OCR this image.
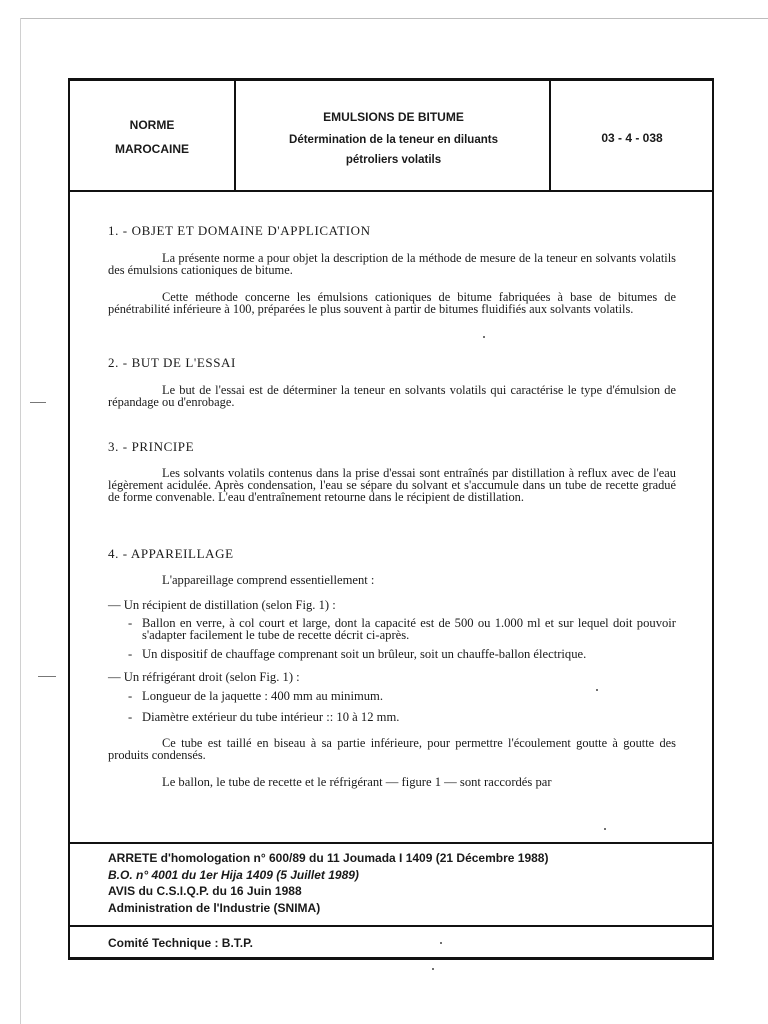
NORME
MAROCAINE
EMULSIONS DE BITUME
Détermination de la teneur en diluants
pétroliers volatils
03 - 4 - 038
1. - OBJET ET DOMAINE D'APPLICATION

La présente norme a pour objet la description de la méthode de mesure de la teneur en solvants volatils des émulsions cationiques de bitume.

Cette méthode concerne les émulsions cationiques de bitume fabriquées à base de bitumes de pénétrabilité inférieure à 100, préparées le plus souvent à partir de bitumes fluidifiés aux solvants volatils.

2. - BUT DE L'ESSAI

Le but de l'essai est de déterminer la teneur en solvants volatils qui caractérise le type d'émulsion de répandage ou d'enrobage.

3. - PRINCIPE

Les solvants volatils contenus dans la prise d'essai sont entraînés par distillation à reflux avec de l'eau légèrement acidulée. Après condensation, l'eau se sépare du solvant et s'accumule dans un tube de recette gradué de forme convenable. L'eau d'entraînement retourne dans le récipient de distillation.

4. - APPAREILLAGE

L'appareillage comprend essentiellement :

— Un récipient de distillation (selon Fig. 1) :

- Ballon en verre, à col court et large, dont la capacité est de 500 ou 1.000 ml et sur lequel doit pouvoir s'adapter facilement le tube de recette décrit ci-après.

- Un dispositif de chauffage comprenant soit un brûleur, soit un chauffe-ballon électrique.

— Un réfrigérant droit (selon Fig. 1) :

- Longueur de la jaquette : 400 mm au minimum.

- Diamètre extérieur du tube intérieur :: 10 à 12 mm.

Ce tube est taillé en biseau à sa partie inférieure, pour permettre l'écoulement goutte à goutte des produits condensés.

Le ballon, le tube de recette et le réfrigérant — figure 1 — sont raccordés par

ARRETE d'homologation n° 600/89 du 11 Joumada I 1409 (21 Décembre 1988)
B.O. n° 4001 du 1er Hija 1409 (5 Juillet 1989)
AVIS du C.S.I.Q.P. du 16 Juin 1988
Administration de l'Industrie (SNIMA)
Comité Technique : B.T.P.
